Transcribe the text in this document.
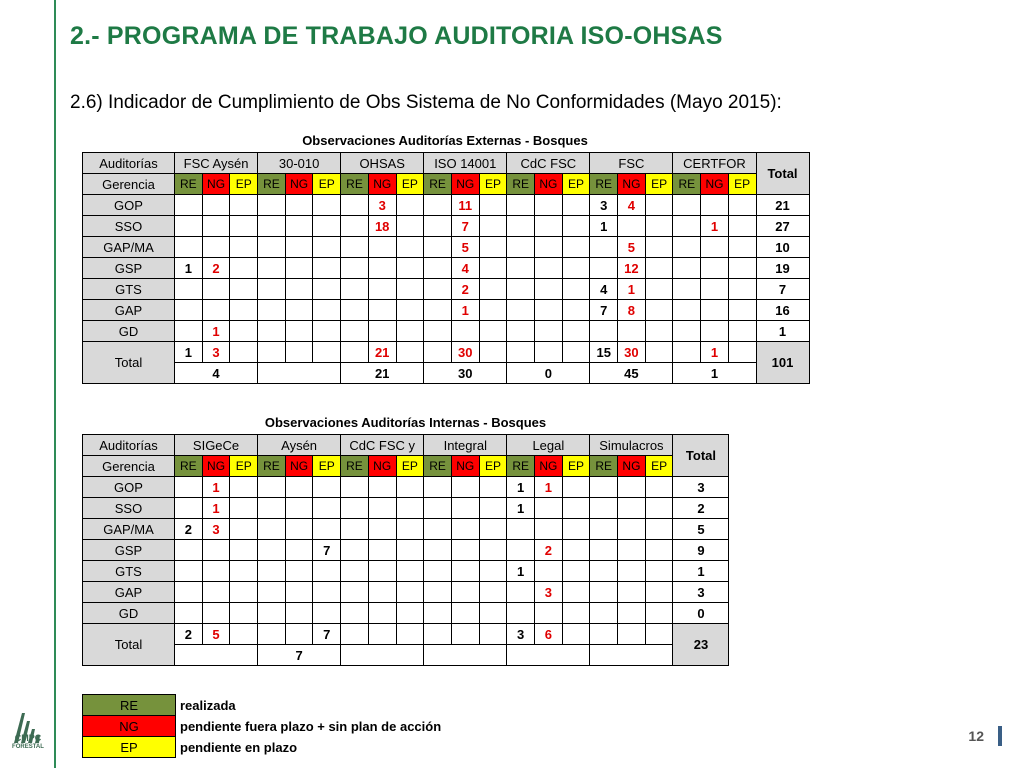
2.- PROGRAMA DE TRABAJO AUDITORIA ISO-OHSAS
2.6) Indicador de Cumplimiento de Obs Sistema de No Conformidades (Mayo 2015):
Observaciones Auditorías Externas - Bosques
Auditorías	FSC Aysén			30-010			OHSAS			ISO 14001			CdC FSC			FSC			CERTFOR			Total
Gerencia	RE	NG	EP	RE	NG	EP	RE	NG	EP	RE	NG	EP	RE	NG	EP	RE	NG	EP	RE	NG	EP	
GOP								3			11					3	4					21
SSO								18			7					1				1		27
GAP/MA											5						5					10
GSP	1	2									4						12					19
GTS											2					4	1					7
GAP											1					7	8					16
GD		1																				1
Total	1	3						21			30					15	30			1		101
	4						21			30			0			45			1			
Observaciones Auditorías Internas - Bosques
Auditorías	SIGeCe			Aysén			CdC FSC y			Integral			Legal			Simulacros			Total
Gerencia	RE	NG	EP	RE	NG	EP	RE	NG	EP	RE	NG	EP	RE	NG	EP	RE	NG	EP	
GOP		1											1	1					3
SSO		1											1						2
GAP/MA	2	3																	5
GSP						7								2					9
GTS													1						1
GAP														3					3
GD																			0
Total	2	5				7							3	6					23
				7															
RE	realizada
NG	pendiente fuera plazo + sin plan de acción
EP	pendiente en plazo
CMPC
FORESTAL
12
